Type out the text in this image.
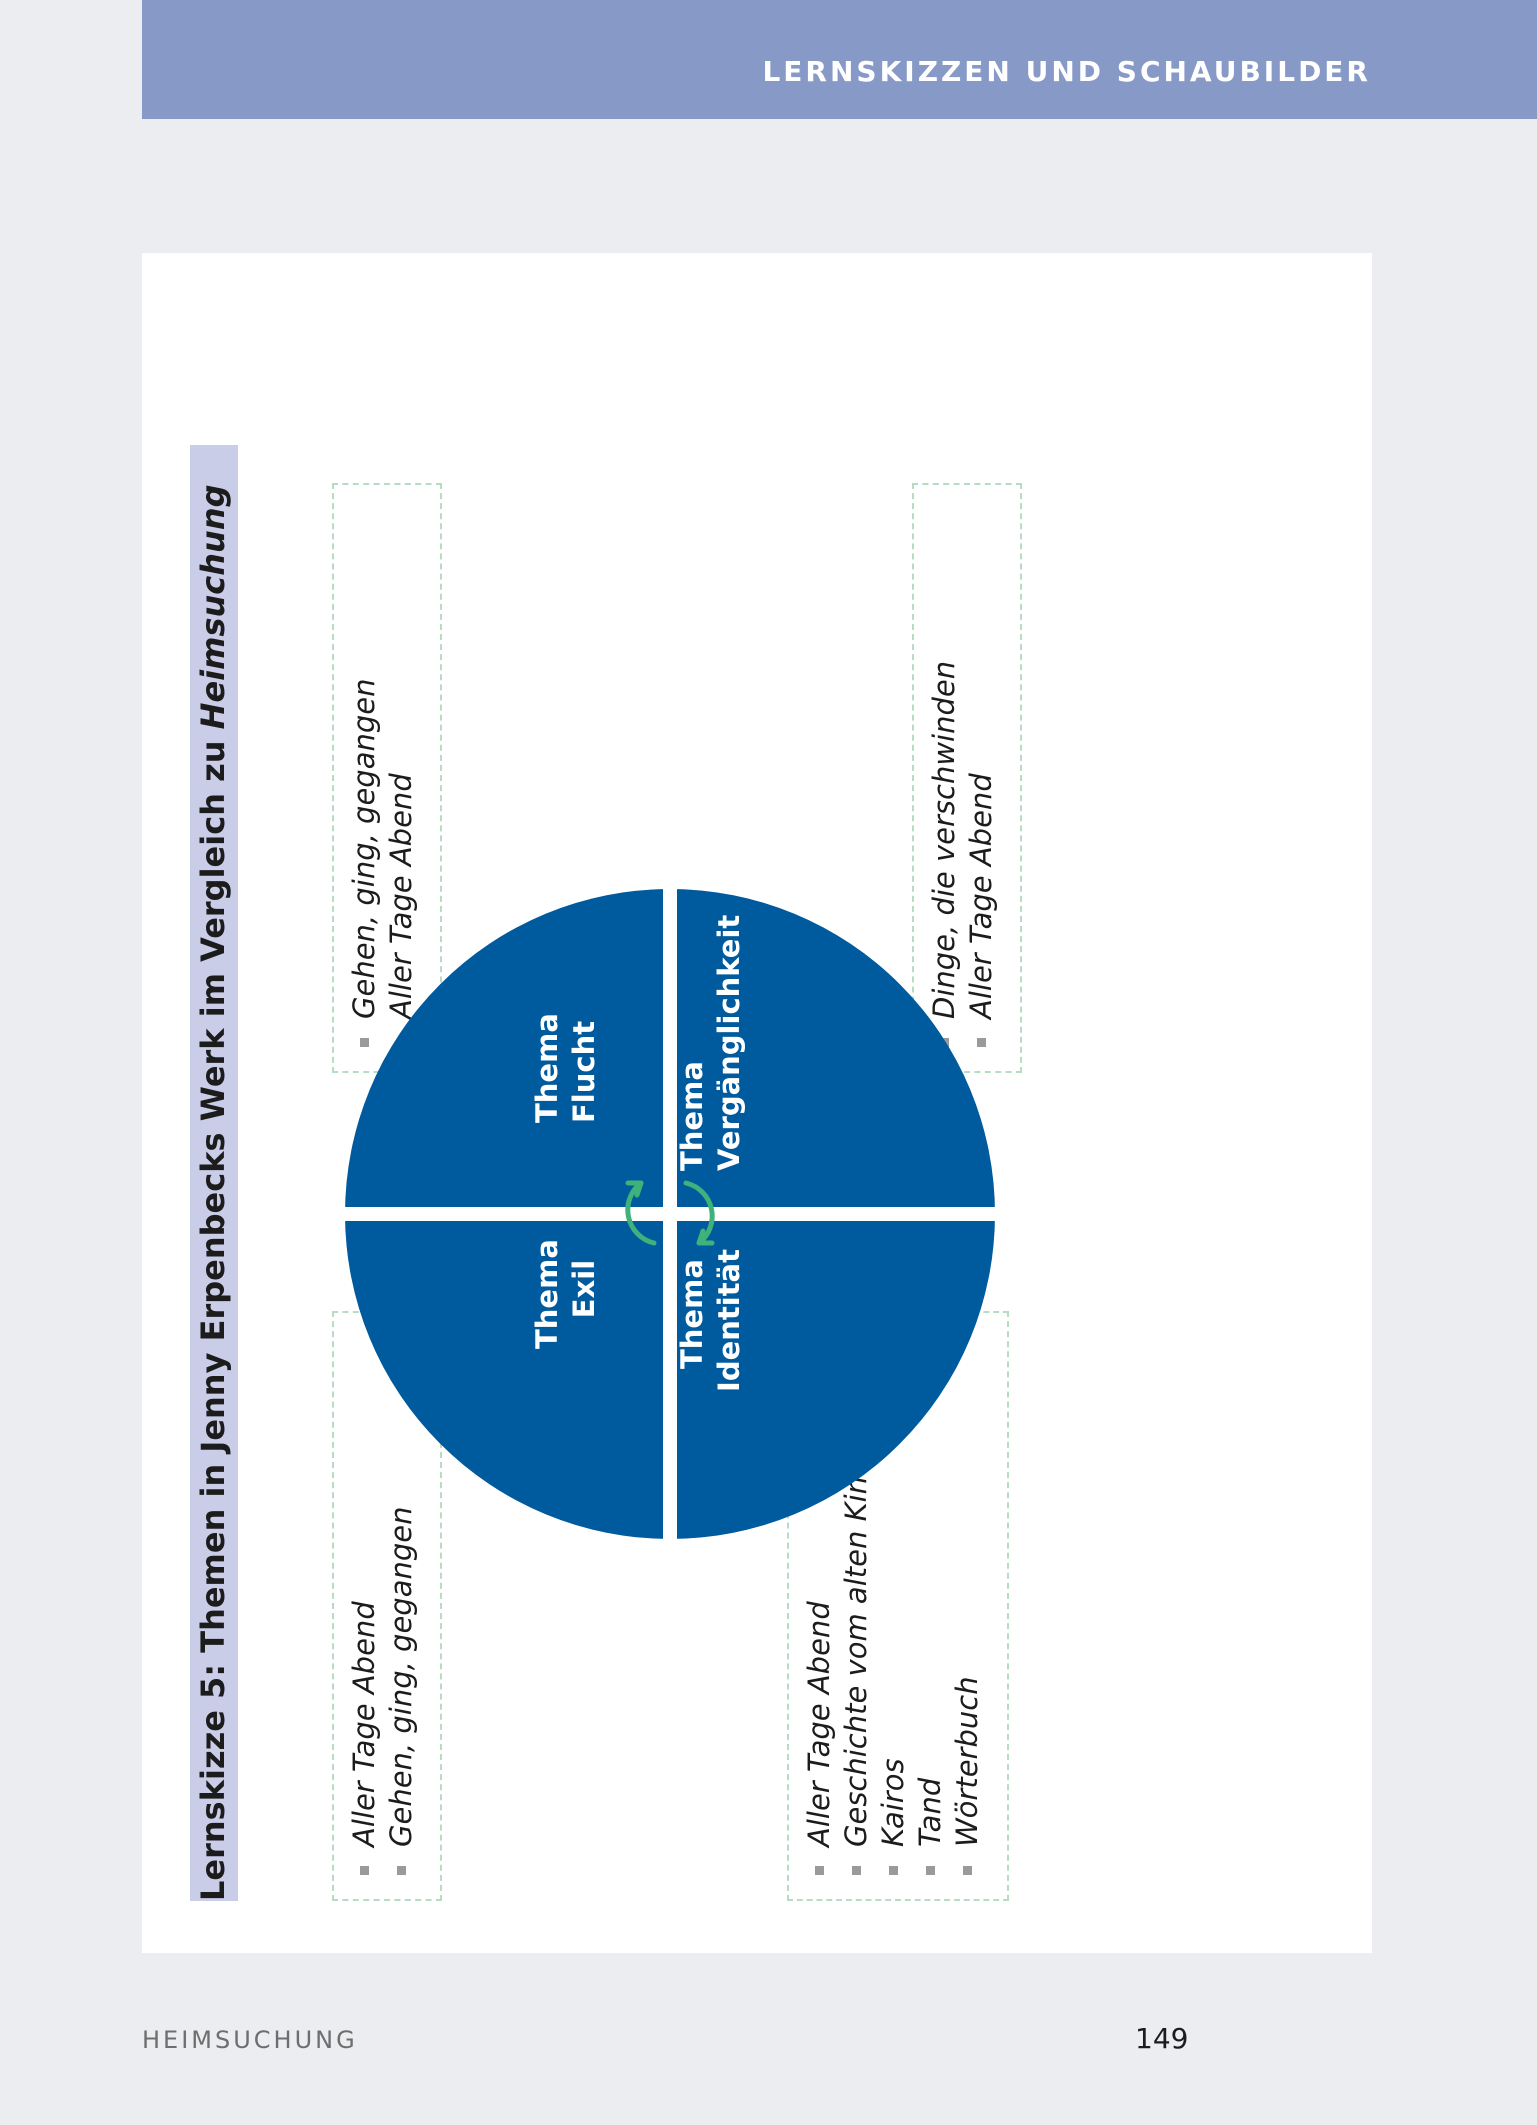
LERNSKIZZEN UND SCHAUBILDER
Lernskizze 5: Themen in Jenny Erpenbecks Werk im Vergleich zu Heimsuchung
Aller Tage Abend Gehen, ging, gegangen
Gehen, ging, gegangen Aller Tage Abend
Aller Tage Abend Geschichte vom alten Kind Kairos Tand Wörterbuch
Dinge, die verschwinden Aller Tage Abend
Thema Exil
Thema Flucht
Thema Identität
Thema Vergänglichkeit
HEIMSUCHUNG	149
